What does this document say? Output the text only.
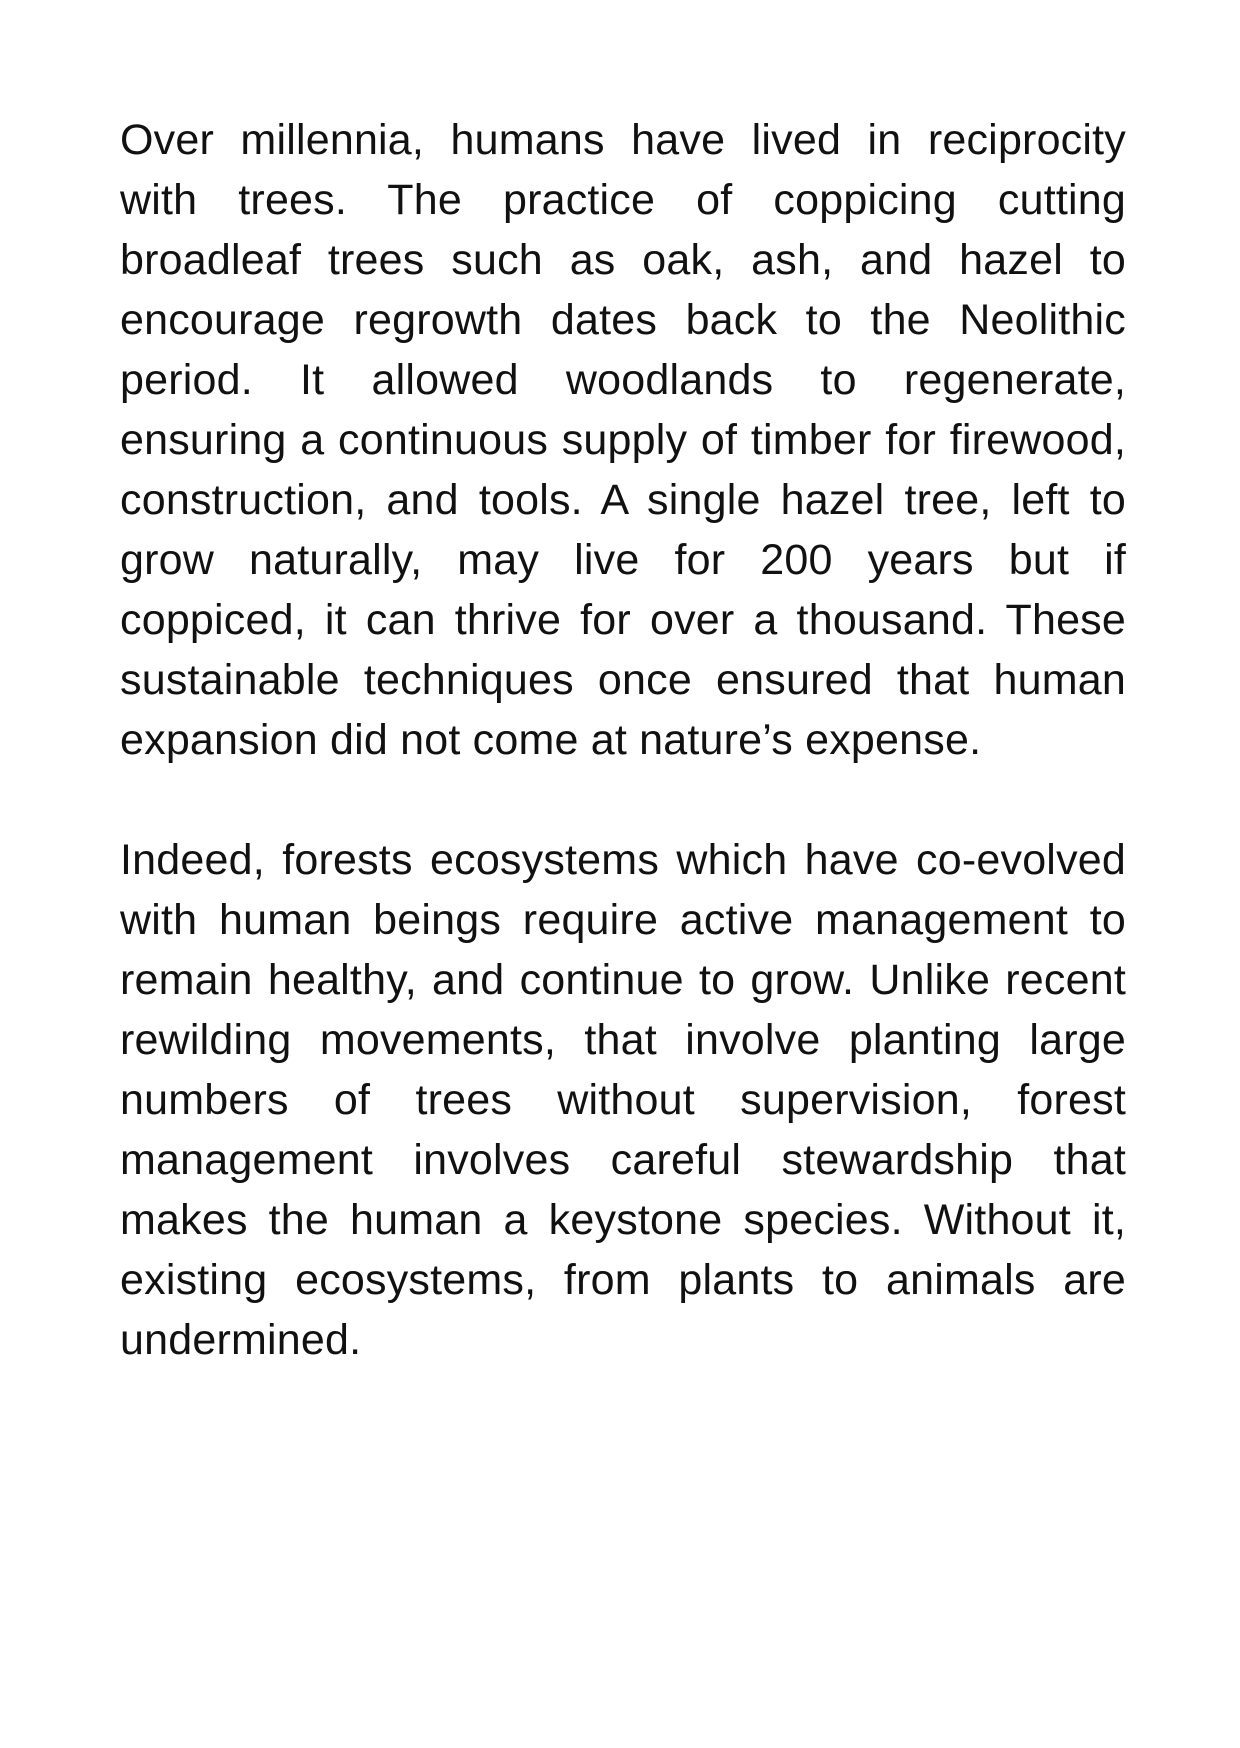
Over millennia, humans have lived in reciprocity with trees. The practice of coppicing cutting broadleaf trees such as oak, ash, and hazel to encourage regrowth dates back to the Neolithic period. It allowed woodlands to regenerate, ensuring a continuous supply of timber for firewood, construction, and tools. A single hazel tree, left to grow naturally, may live for 200 years but if coppiced, it can thrive for over a thousand. These sustainable techniques once ensured that human expansion did not come at nature’s expense.

Indeed, forests ecosystems which have co-evolved with human beings require active management to remain healthy, and continue to grow. Unlike recent rewilding movements, that involve planting large numbers of trees without supervision, forest management involves careful stewardship that makes the human a keystone species. Without it, existing ecosystems, from plants to animals are undermined.
